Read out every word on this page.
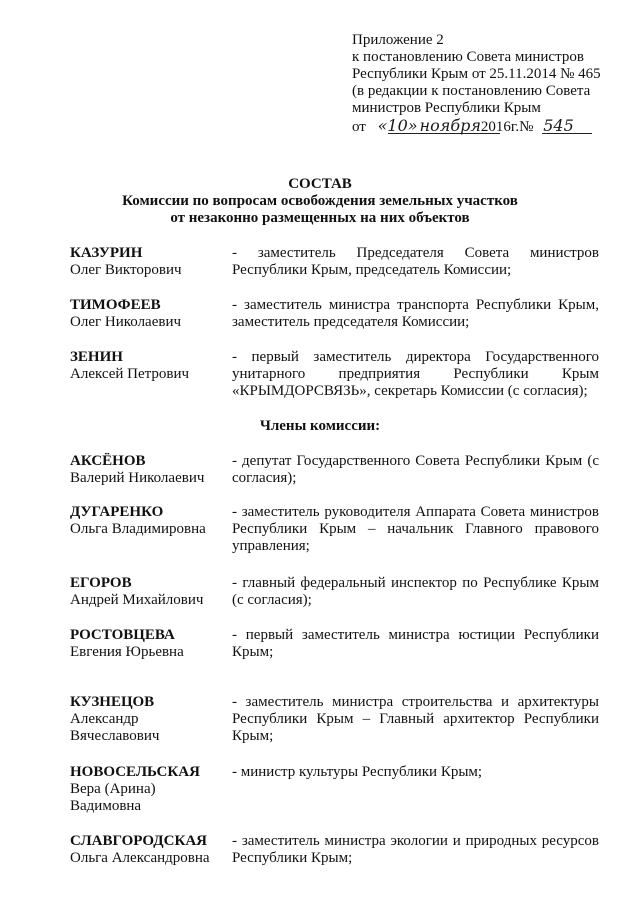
Приложение 2
к постановлению Совета министров
Республики Крым от 25.11.2014 № 465
(в редакции к постановлению Совета
министров Республики Крым
от «10» ноября2016г.№ 545
СОСТАВ
Комиссии по вопросам освобождения земельных участков
от незаконно размещенных на них объектов
КАЗУРИН
Олег Викторович
- заместитель Председателя Совета министров Республики Крым, председатель Комиссии;
ТИМОФЕЕВ
Олег Николаевич
- заместитель министра транспорта Республики Крым, заместитель председателя Комиссии;
ЗЕНИН
Алексей Петрович
- первый заместитель директора Государственного унитарного предприятия Республики Крым «КРЫМДОРСВЯЗЬ», секретарь Комиссии (с согласия);
Члены комиссии:
АКСЁНОВ
Валерий Николаевич
- депутат Государственного Совета Республики Крым (с согласия);
ДУГАРЕНКО
Ольга Владимировна
- заместитель руководителя Аппарата Совета министров Республики Крым – начальник Главного правового управления;
ЕГОРОВ
Андрей Михайлович
- главный федеральный инспектор по Республике Крым (с согласия);
РОСТОВЦЕВА
Евгения Юрьевна
- первый заместитель министра юстиции Республики Крым;
КУЗНЕЦОВ
Александр Вячеславович
- заместитель министра строительства и архитектуры Республики Крым – Главный архитектор Республики Крым;
НОВОСЕЛЬСКАЯ
Вера (Арина) Вадимовна
- министр культуры Республики Крым;
СЛАВГОРОДСКАЯ
Ольга Александровна
- заместитель министра экологии и природных ресурсов Республики Крым;
